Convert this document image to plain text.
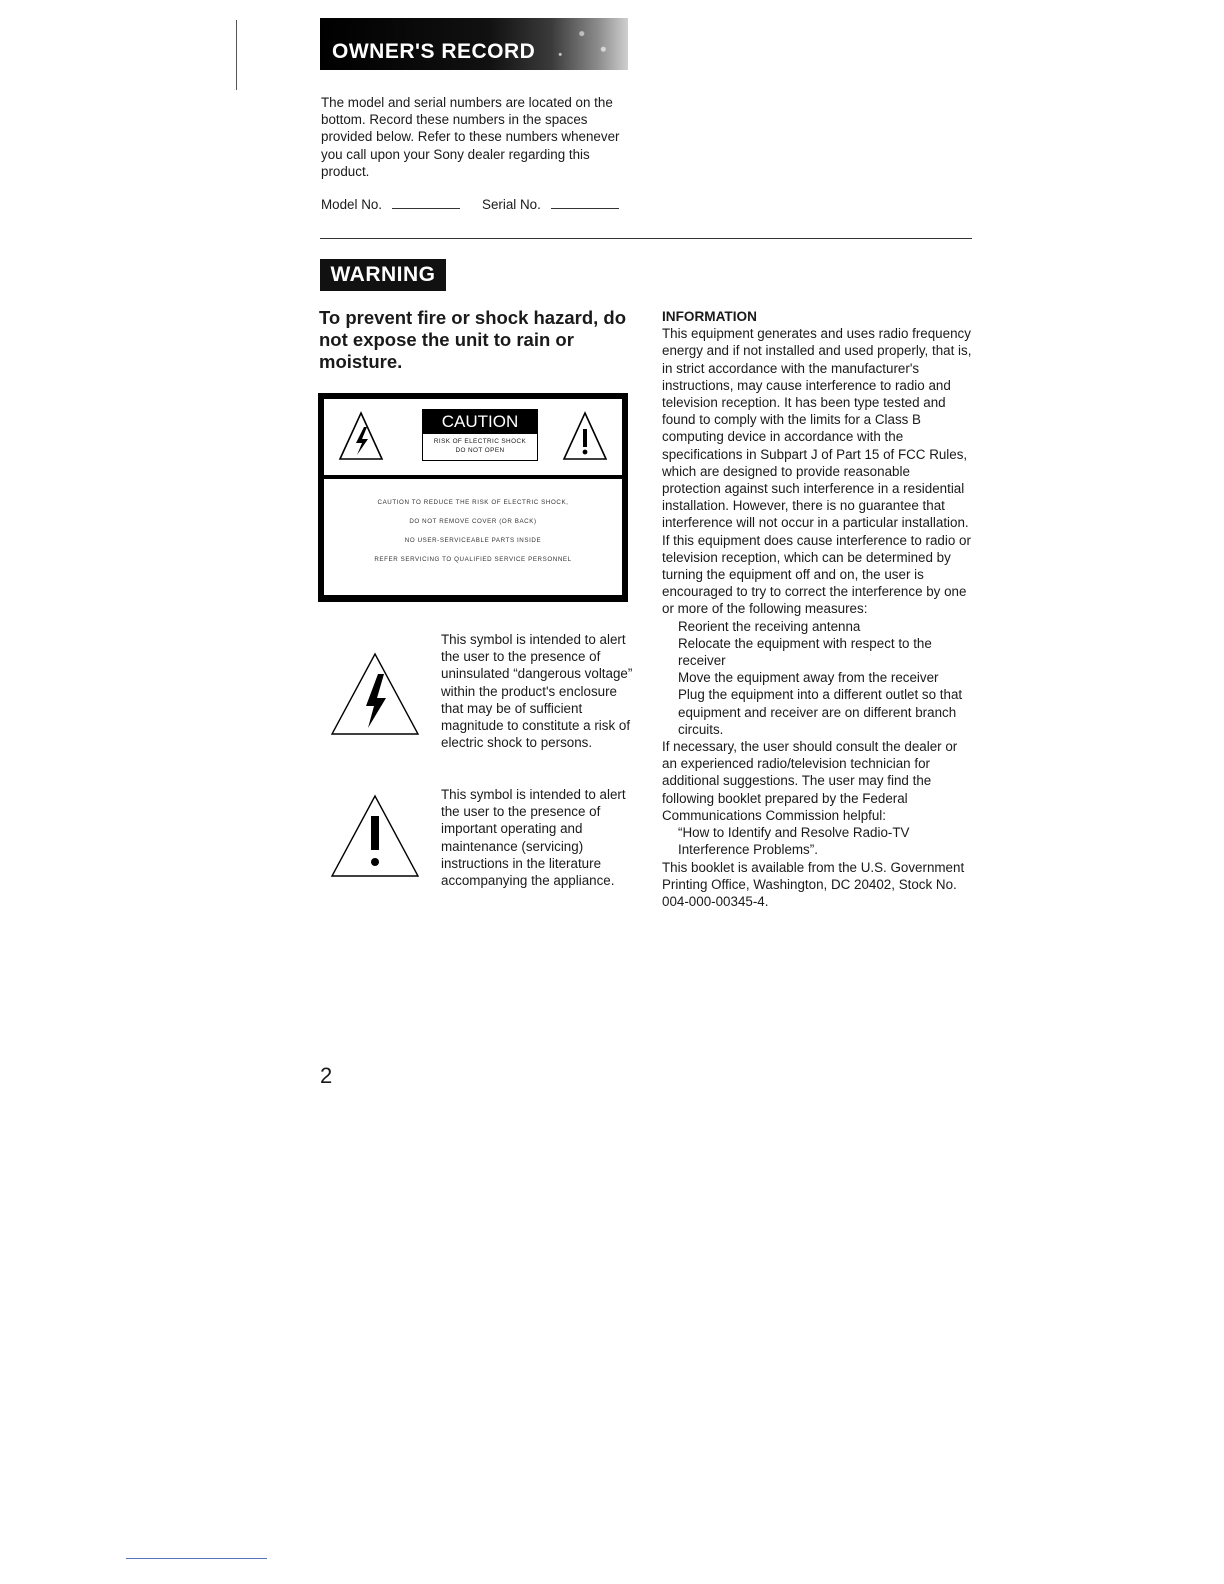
OWNER'S RECORD
The model and serial numbers are located on the bottom. Record these numbers in the spaces provided below. Refer to these numbers whenever you call upon your Sony dealer regarding this product.
Model No.	Serial No.
WARNING
To prevent fire or shock hazard, do not expose the unit to rain or moisture.
CAUTION
RISK OF ELECTRIC SHOCK
DO NOT OPEN
CAUTION TO REDUCE THE RISK OF ELECTRIC SHOCK,
DO NOT REMOVE COVER (OR BACK)
NO USER-SERVICEABLE PARTS INSIDE
REFER SERVICING TO QUALIFIED SERVICE PERSONNEL
This symbol is intended to alert the user to the presence of uninsulated “dangerous voltage” within the product's enclosure that may be of sufficient magnitude to constitute a risk of electric shock to persons.
This symbol is intended to alert the user to the presence of important operating and maintenance (servicing) instructions in the literature accompanying the appliance.
INFORMATION
This equipment generates and uses radio frequency energy and if not installed and used properly, that is, in strict accordance with the manufacturer's instructions, may cause interference to radio and television reception. It has been type tested and found to comply with the limits for a Class B computing device in accordance with the specifications in Subpart J of Part 15 of FCC Rules, which are designed to provide reasonable protection against such interference in a residential installation. However, there is no guarantee that interference will not occur in a particular installation. If this equipment does cause interference to radio or television reception, which can be determined by turning the equipment off and on, the user is encouraged to try to correct the interference by one or more of the following measures:
Reorient the receiving antenna
Relocate the equipment with respect to the receiver
Move the equipment away from the receiver
Plug the equipment into a different outlet so that equipment and receiver are on different branch circuits.
If necessary, the user should consult the dealer or an experienced radio/television technician for additional suggestions. The user may find the following booklet prepared by the Federal Communications Commission helpful:
“How to Identify and Resolve Radio-TV Interference Problems”.
This booklet is available from the U.S. Government Printing Office, Washington, DC 20402, Stock No. 004-000-00345-4.
2
